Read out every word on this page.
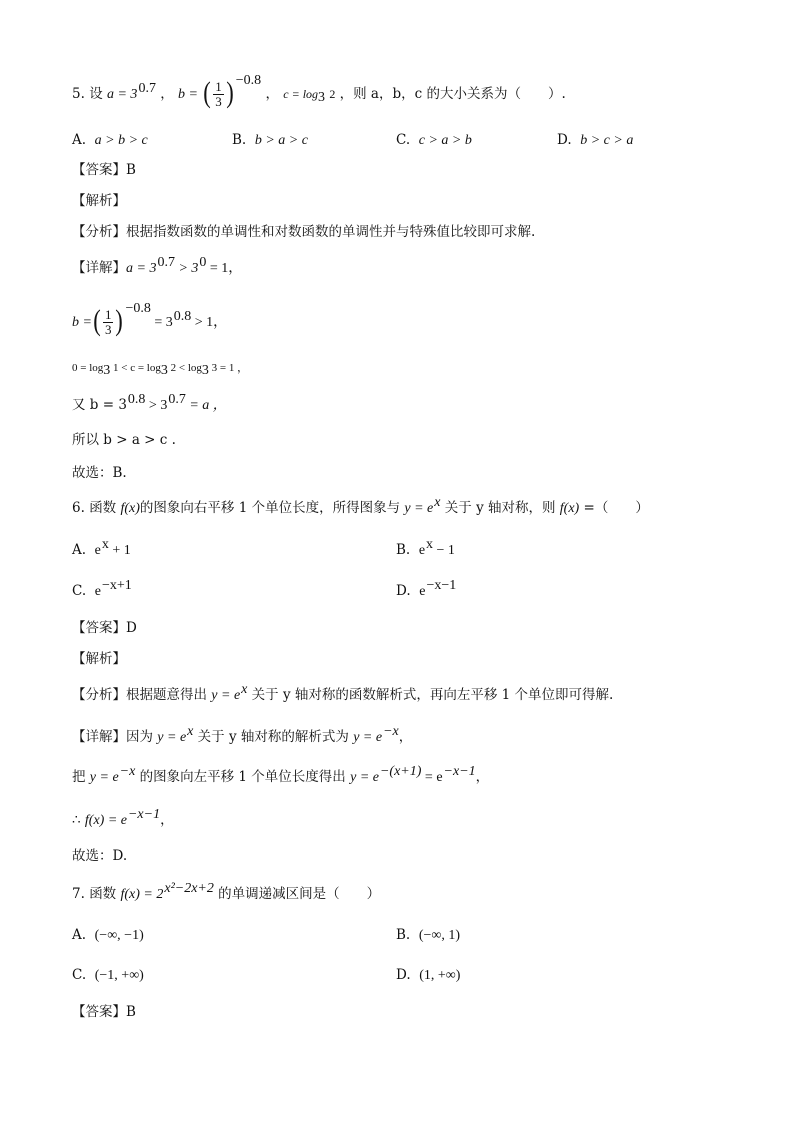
5. 设 $a = 3^{0.7}$ ， b = ( $\frac{1}{3}$ ) $^{-0.8}$ ， $c = \log_3 2$ ，则 a，b，c 的大小关系为（　　）.
A. a > b > c	B. b > a > c	C. c > a > b	D. b > c > a
【答案】B
【解析】
【分析】根据指数函数的单调性和对数函数的单调性并与特殊值比较即可求解.
【详解】$a = 3^{0.7} > 3^0 = 1$，
b =( $\frac{1}{3}$ ) $^{-0.8} = 3^{0.8} > 1$，
$0 = \log_3 1 < c = \log_3 2 < \log_3 3 = 1$ ，
又 $b = 3^{0.8} > 3^{0.7} = a$ ，
所以 b > a > c .
故选：B.
6. 函数 f(x)的图象向右平移 1 个单位长度，所得图象与 $y = e^x$ 关于 y 轴对称，则 f(x) =（　　）
A. $e^x + 1$	B. $e^x - 1$
C. $e^{-x+1}$	D. $e^{-x-1}$
【答案】D
【解析】
【分析】根据题意得出 $y = e^x$ 关于 y 轴对称的函数解析式，再向左平移 1 个单位即可得解.
【详解】因为 $y = e^x$ 关于 y 轴对称的解析式为 $y = e^{-x}$，
把 $y = e^{-x}$ 的图象向左平移 1 个单位长度得出 $y = e^{-(x+1)} = e^{-x-1}$，
∴ $f(x) = e^{-x-1}$，
故选：D.
7. 函数 $f(x) = 2^{x^2-2x+2}$ 的单调递减区间是（　　）
A. (−∞, −1)	B. (−∞, 1)
C. (−1, +∞)	D. (1, +∞)
【答案】B
